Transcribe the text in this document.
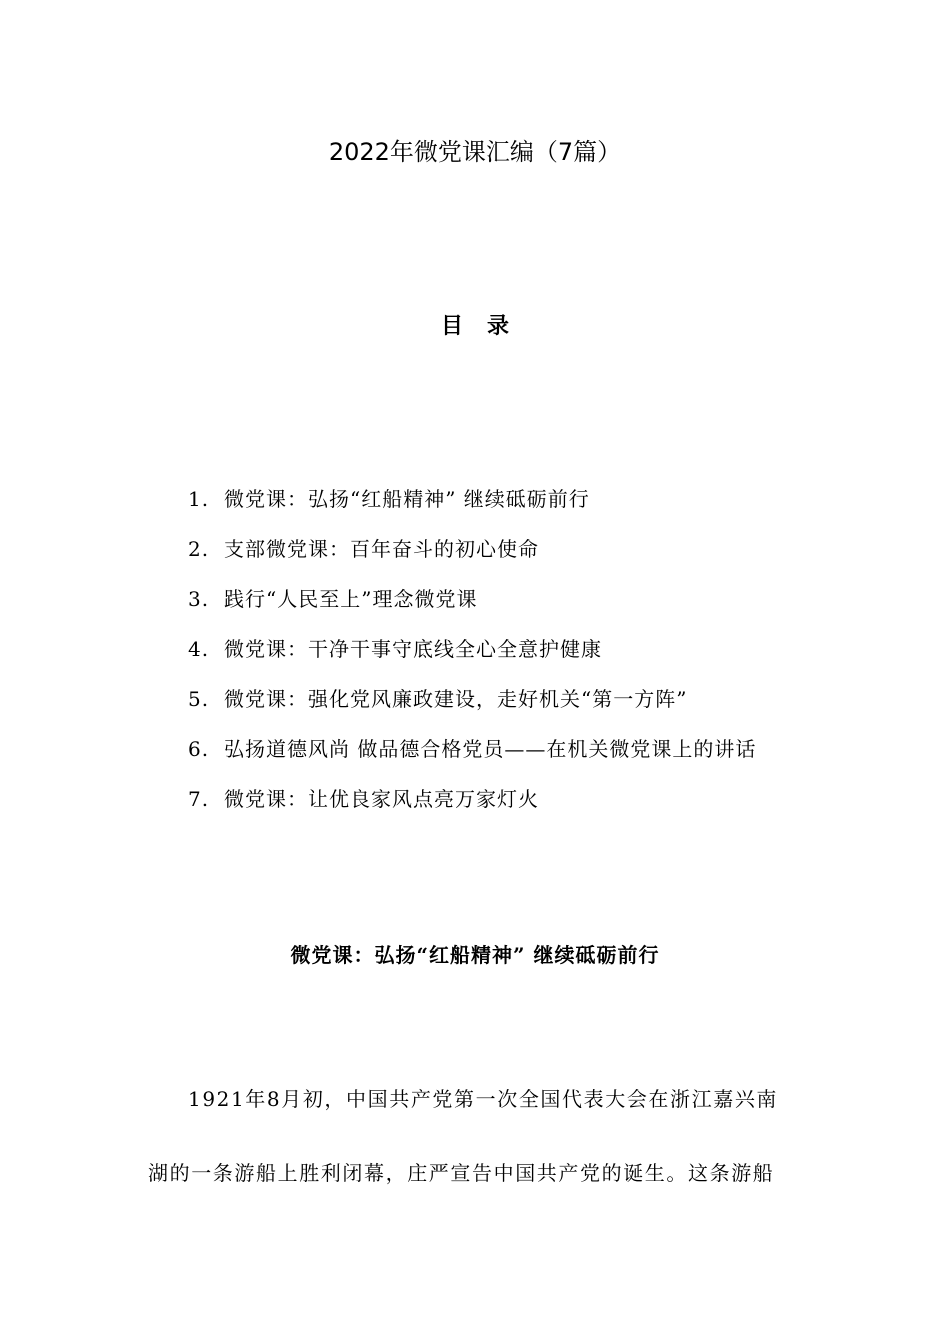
2022年微党课汇编（7篇）
目录
1. 微党课：弘扬“红船精神” 继续砥砺前行
2. 支部微党课：百年奋斗的初心使命
3. 践行“人民至上”理念微党课
4. 微党课：干净干事守底线全心全意护健康
5. 微党课：强化党风廉政建设，走好机关“第一方阵”
6. 弘扬道德风尚 做品德合格党员——在机关微党课上的讲话
7. 微党课：让优良家风点亮万家灯火
微党课：弘扬“红船精神” 继续砥砺前行
1921年8月初，中国共产党第一次全国代表大会在浙江嘉兴南
湖的一条游船上胜利闭幕，庄严宣告中国共产党的诞生。这条游船
